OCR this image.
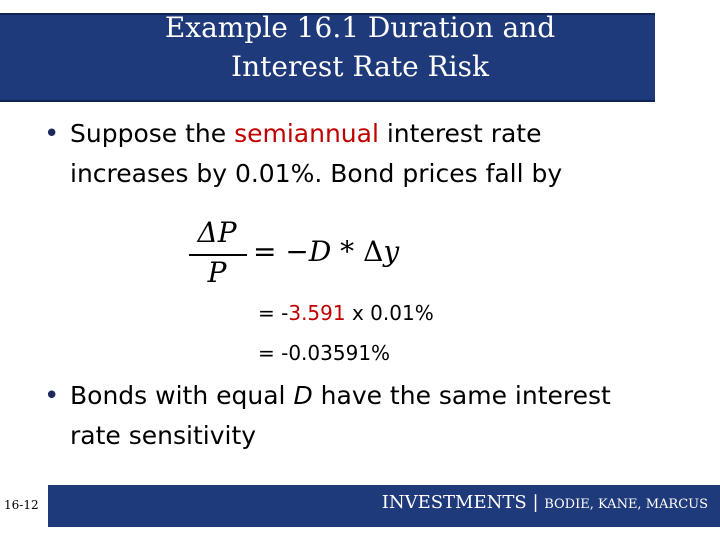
Example 16.1 Duration and
Interest Rate Risk
• Suppose the semiannual interest rate
increases by 0.01%. Bond prices fall by
ΔP
P
= −D * Δy
= -3.591 x 0.01%
= -0.03591%
• Bonds with equal D have the same interest
rate sensitivity
16-12	INVESTMENTS | BODIE, KANE, MARCUS
